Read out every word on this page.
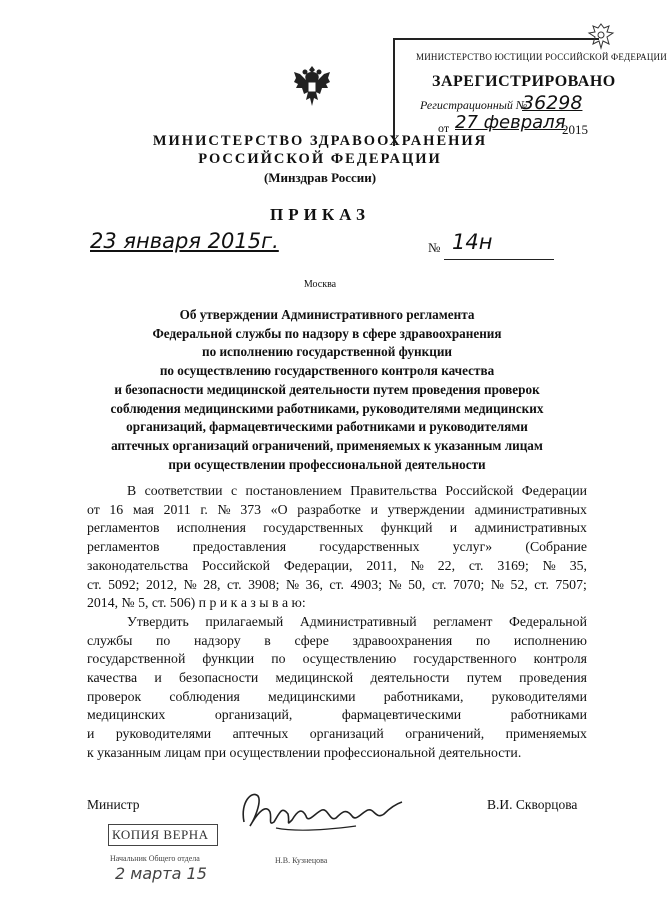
МИНИСТЕРСТВО ЮСТИЦИИ РОССИЙСКОЙ ФЕДЕРАЦИИ
ЗАРЕГИСТРИРОВАНО
Регистрационный №
36298
от 27 февраля
2015
МИНИСТЕРСТВО ЗДРАВООХРАНЕНИЯ
РОССИЙСКОЙ ФЕДЕРАЦИИ
(Минздрав России)
ПРИКАЗ
23 января 2015г.	№ 14н
Москва
Об утверждении Административного регламента
Федеральной службы по надзору в сфере здравоохранения
по исполнению государственной функции
по осуществлению государственного контроля качества
и безопасности медицинской деятельности путем проведения проверок
соблюдения медицинскими работниками, руководителями медицинских
организаций, фармацевтическими работниками и руководителями
аптечных организаций ограничений, применяемых к указанным лицам
при осуществлении профессиональной деятельности
В соответствии с постановлением Правительства Российской Федерации
от 16 мая 2011 г. № 373 «О разработке и утверждении административных
регламентов исполнения государственных функций и административных
регламентов предоставления государственных услуг» (Собрание
законодательства Российской Федерации, 2011, № 22, ст. 3169; № 35,
ст. 5092; 2012, № 28, ст. 3908; № 36, ст. 4903; № 50, ст. 7070; № 52, ст. 7507;
2014, № 5, ст. 506) п р и к а з ы в а ю:
Утвердить прилагаемый Административный регламент Федеральной
службы по надзору в сфере здравоохранения по исполнению
государственной функции по осуществлению государственного контроля
качества и безопасности медицинской деятельности путем проведения
проверок соблюдения медицинскими работниками, руководителями
медицинских	организаций,	фармацевтическими	работниками
и руководителями аптечных организаций ограничений, применяемых
к указанным лицам при осуществлении профессиональной деятельности.
Министр	В.И. Скворцова
КОПИЯ ВЕРНА
Начальник Общего отдела	Н.В. Кузнецова
2 марта 15
